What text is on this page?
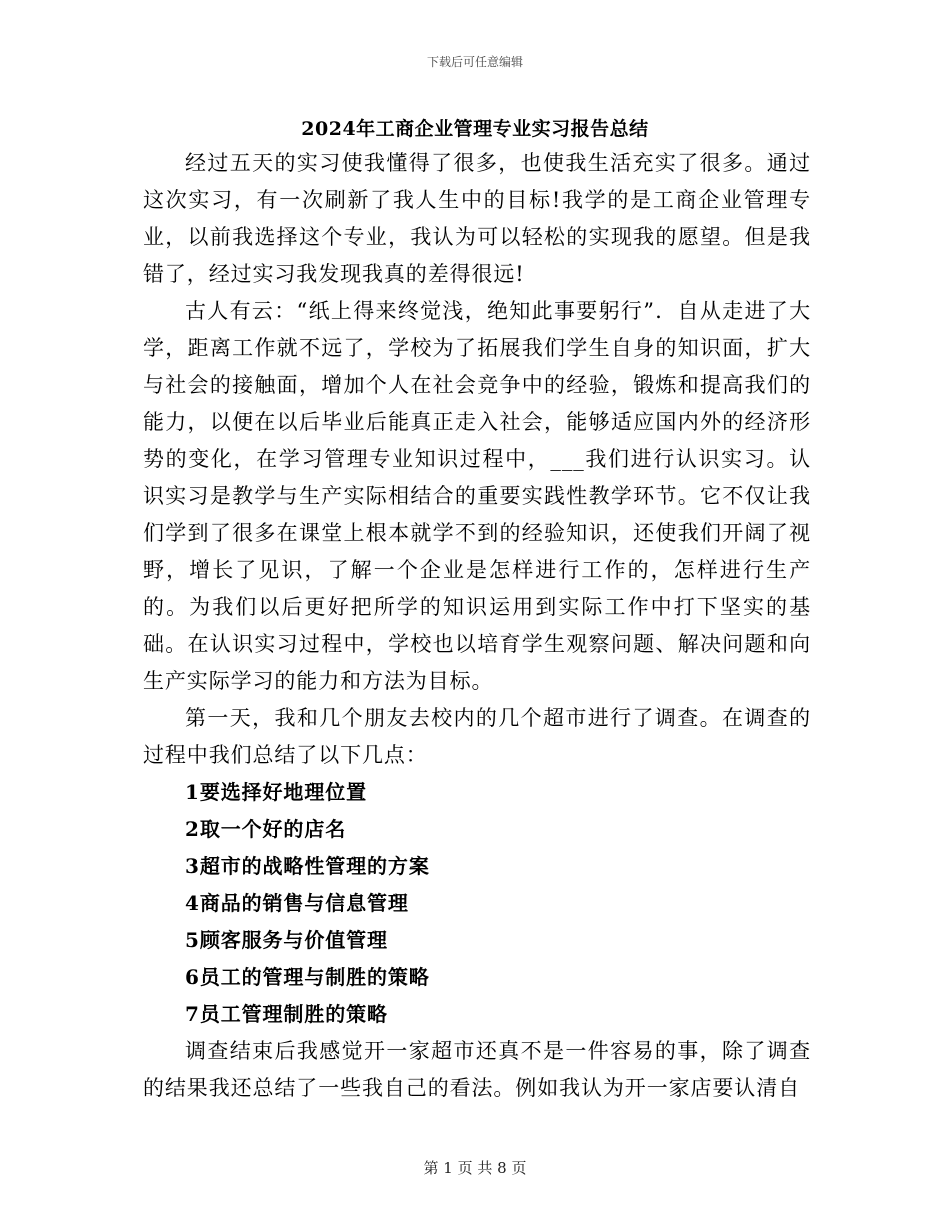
下载后可任意编辑
2024年工商企业管理专业实习报告总结

经过五天的实习使我懂得了很多，也使我生活充实了很多。通过这次实习，有一次刷新了我人生中的目标!我学的是工商企业管理专业，以前我选择这个专业，我认为可以轻松的实现我的愿望。但是我错了，经过实习我发现我真的差得很远!

古人有云：“纸上得来终觉浅，绝知此事要躬行”．自从走进了大学，距离工作就不远了，学校为了拓展我们学生自身的知识面，扩大与社会的接触面，增加个人在社会竞争中的经验，锻炼和提高我们的能力，以便在以后毕业后能真正走入社会，能够适应国内外的经济形势的变化，在学习管理专业知识过程中，___我们进行认识实习。认识实习是教学与生产实际相结合的重要实践性教学环节。它不仅让我们学到了很多在课堂上根本就学不到的经验知识，还使我们开阔了视野，增长了见识，了解一个企业是怎样进行工作的，怎样进行生产的。为我们以后更好把所学的知识运用到实际工作中打下坚实的基础。在认识实习过程中，学校也以培育学生观察问题、解决问题和向生产实际学习的能力和方法为目标。

第一天，我和几个朋友去校内的几个超市进行了调查。在调查的过程中我们总结了以下几点：

1要选择好地理位置
2取一个好的店名
3超市的战略性管理的方案
4商品的销售与信息管理
5顾客服务与价值管理
6员工的管理与制胜的策略
7员工管理制胜的策略

调查结束后我感觉开一家超市还真不是一件容易的事，除了调查的结果我还总结了一些我自己的看法。例如我认为开一家店要认清自

第 1 页 共 8 页
